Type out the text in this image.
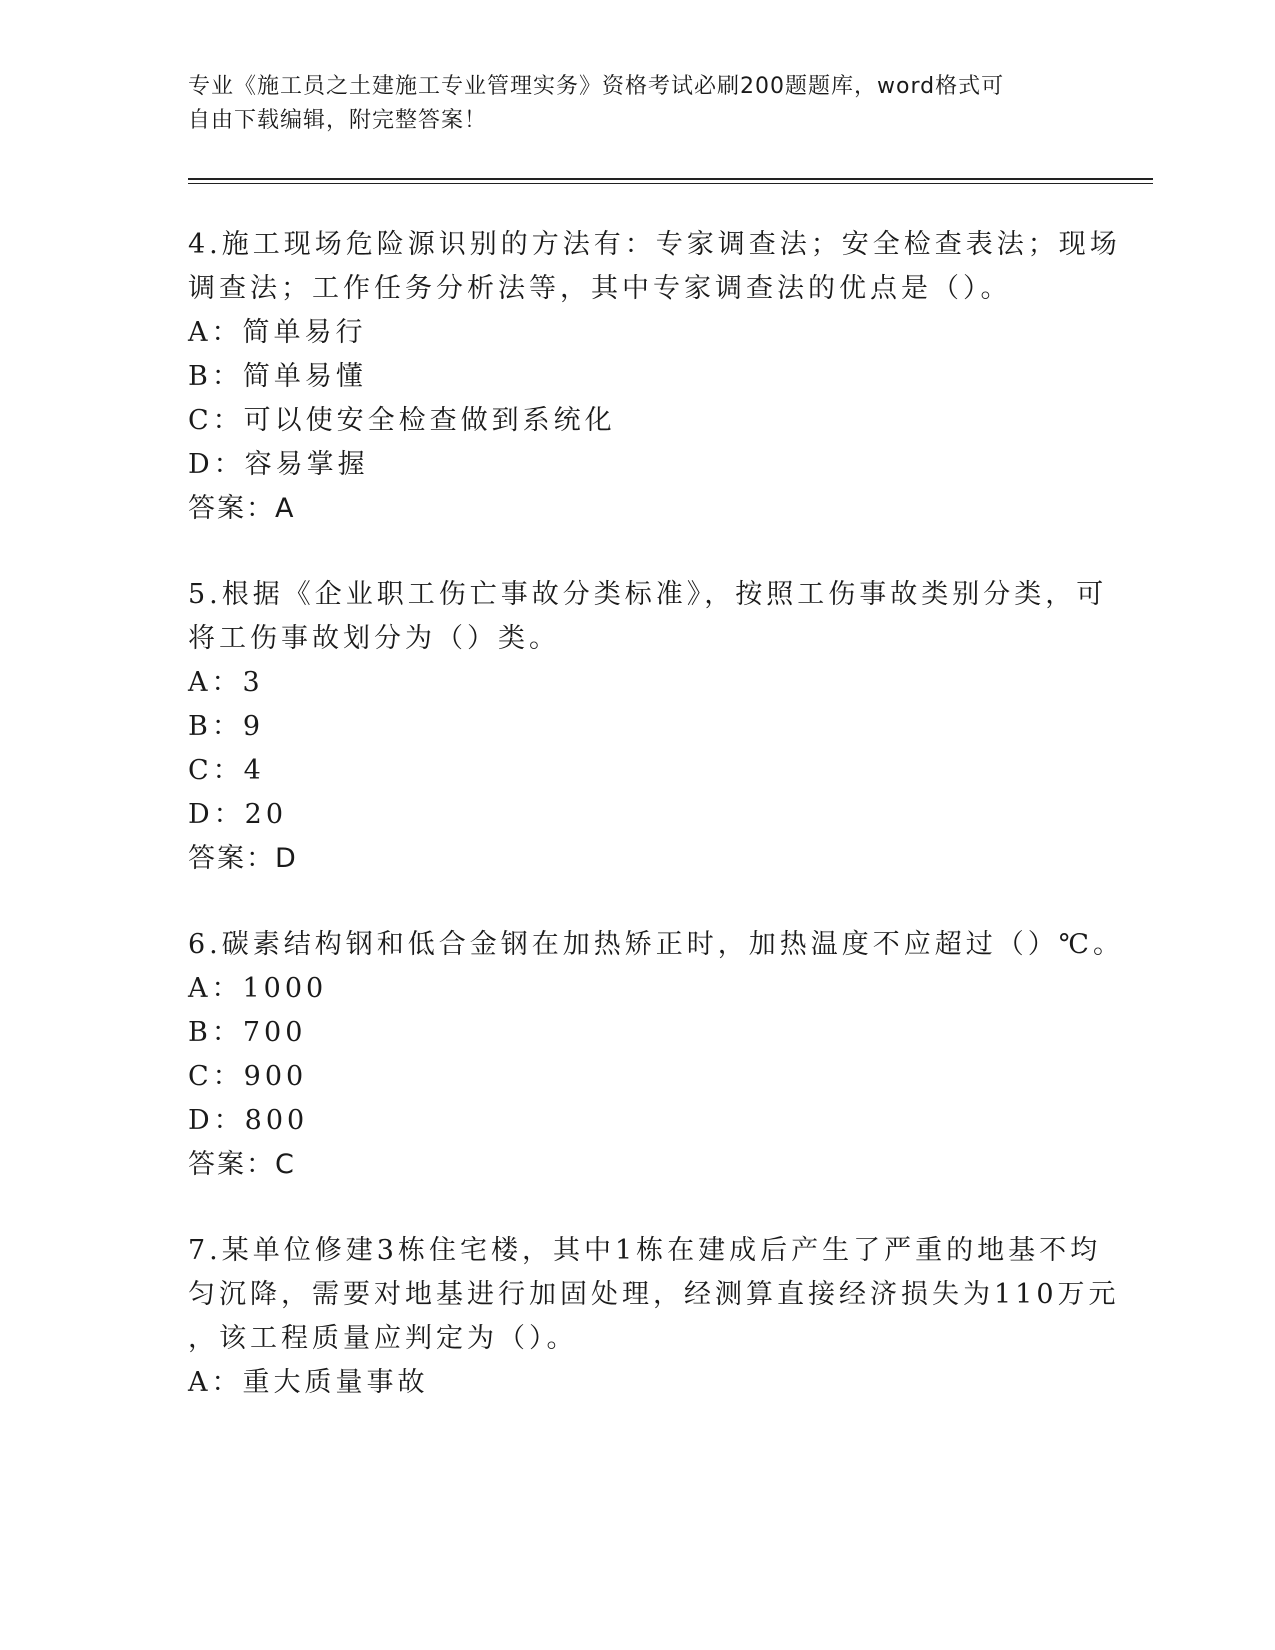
专业《施工员之土建施工专业管理实务》资格考试必刷200题题库，word格式可
自由下载编辑，附完整答案！
4.施工现场危险源识别的方法有：专家调查法；安全检查表法；现场
调查法；工作任务分析法等，其中专家调查法的优点是（）。
A：简单易行
B：简单易懂
C：可以使安全检查做到系统化
D：容易掌握
答案：A
5.根据《企业职工伤亡事故分类标准》，按照工伤事故类别分类，可
将工伤事故划分为（）类。
A：3
B：9
C：4
D：20
答案：D
6.碳素结构钢和低合金钢在加热矫正时，加热温度不应超过（）℃。
A：1000
B：700
C：900
D：800
答案：C
7.某单位修建3栋住宅楼，其中1栋在建成后产生了严重的地基不均
匀沉降，需要对地基进行加固处理，经测算直接经济损失为110万元
，该工程质量应判定为（）。
A：重大质量事故
